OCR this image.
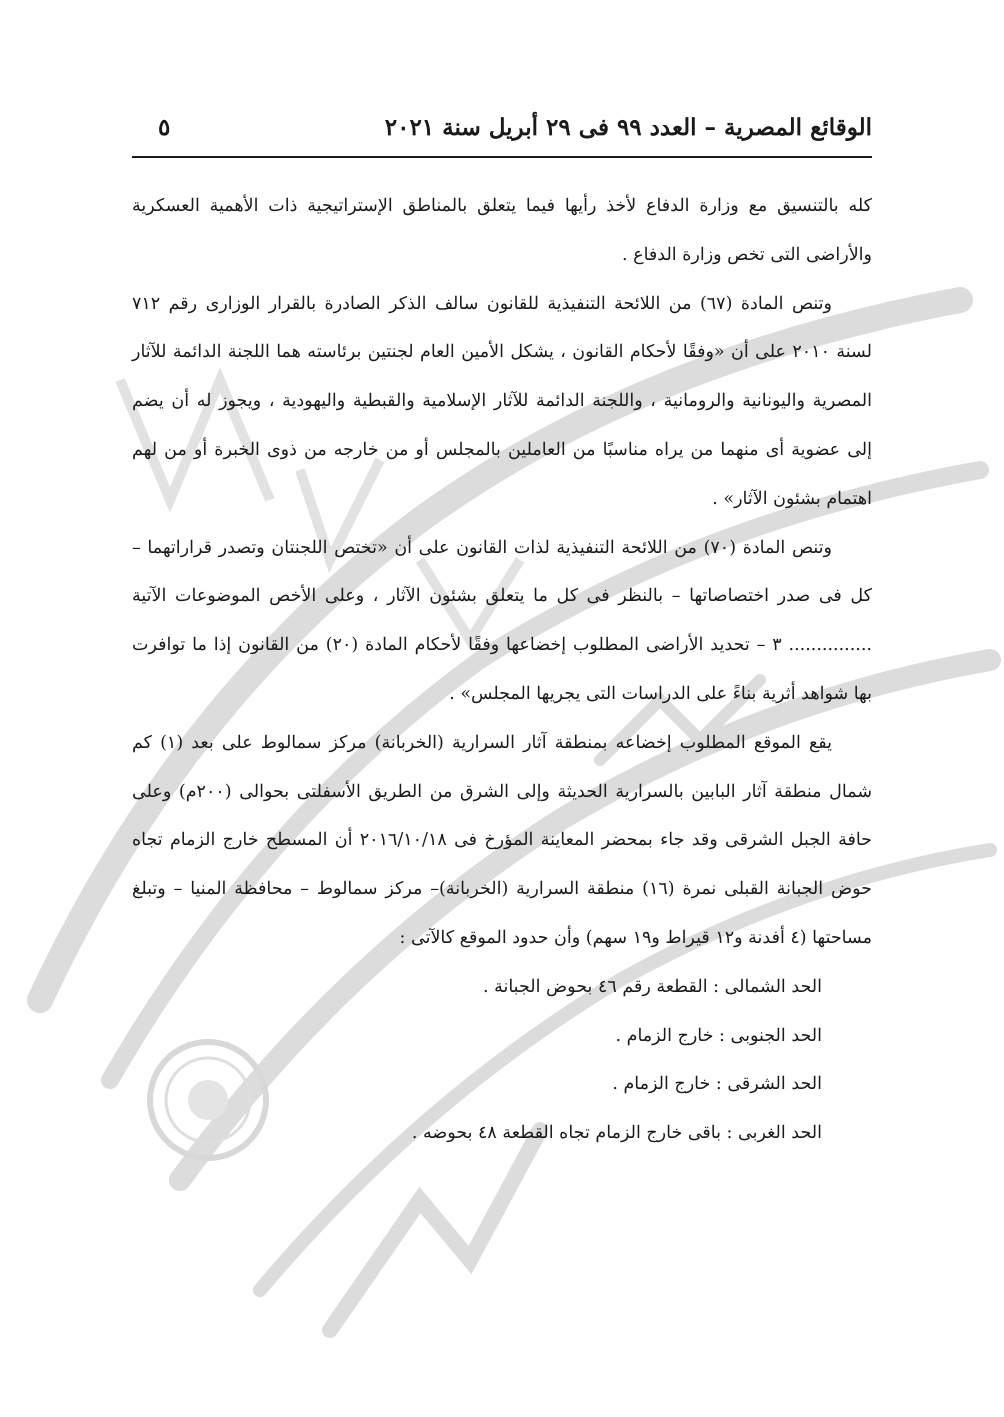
الوقائع المصرية – العدد ٩٩ فى ٢٩ أبريل سنة ٢٠٢١
٥

كله بالتنسيق مع وزارة الدفاع لأخذ رأيها فيما يتعلق بالمناطق الإستراتيجية ذات الأهمية العسكرية والأراضى التى تخص وزارة الدفاع .

وتنص المادة (٦٧) من اللائحة التنفيذية للقانون سالف الذكر الصادرة بالقرار الوزارى رقم ٧١٢ لسنة ٢٠١٠ على أن «وفقًا لأحكام القانون ، يشكل الأمين العام لجنتين برئاسته هما اللجنة الدائمة للآثار المصرية واليونانية والرومانية ، واللجنة الدائمة للآثار الإسلامية والقبطية واليهودية ، ويجوز له أن يضم إلى عضوية أى منهما من يراه مناسبًا من العاملين بالمجلس أو من خارجه من ذوى الخبرة أو من لهم اهتمام بشئون الآثار» .

وتنص المادة (٧٠) من اللائحة التنفيذية لذات القانون على أن «تختص اللجنتان وتصدر قراراتهما – كل فى صدر اختصاصاتها – بالنظر فى كل ما يتعلق بشئون الآثار ، وعلى الأخص الموضوعات الآتية ............... ٣ – تحديد الأراضى المطلوب إخضاعها وفقًا لأحكام المادة (٢٠) من القانون إذا ما توافرت بها شواهد أثرية بناءً على الدراسات التى يجريها المجلس» .

يقع الموقع المطلوب إخضاعه بمنطقة آثار السرارية (الخربانة) مركز سمالوط على بعد (١) كم شمال منطقة آثار البابين بالسرارية الحديثة وإلى الشرق من الطريق الأسفلتى بحوالى (٢٠٠م) وعلى حافة الجبل الشرقى وقد جاء بمحضر المعاينة المؤرخ فى ٢٠١٦/١٠/١٨ أن المسطح خارج الزمام تجاه حوض الجبانة القبلى نمرة (١٦) منطقة السرارية (الخربانة)– مركز سمالوط – محافظة المنيا – وتبلغ مساحتها (٤ أفدنة و١٢ قيراط و١٩ سهم) وأن حدود الموقع كالآتى :

الحد الشمالى : القطعة رقم ٤٦ بحوض الجبانة .
الحد الجنوبى : خارج الزمام .
الحد الشرقى : خارج الزمام .
الحد الغربى : باقى خارج الزمام تجاه القطعة ٤٨ بحوضه .
